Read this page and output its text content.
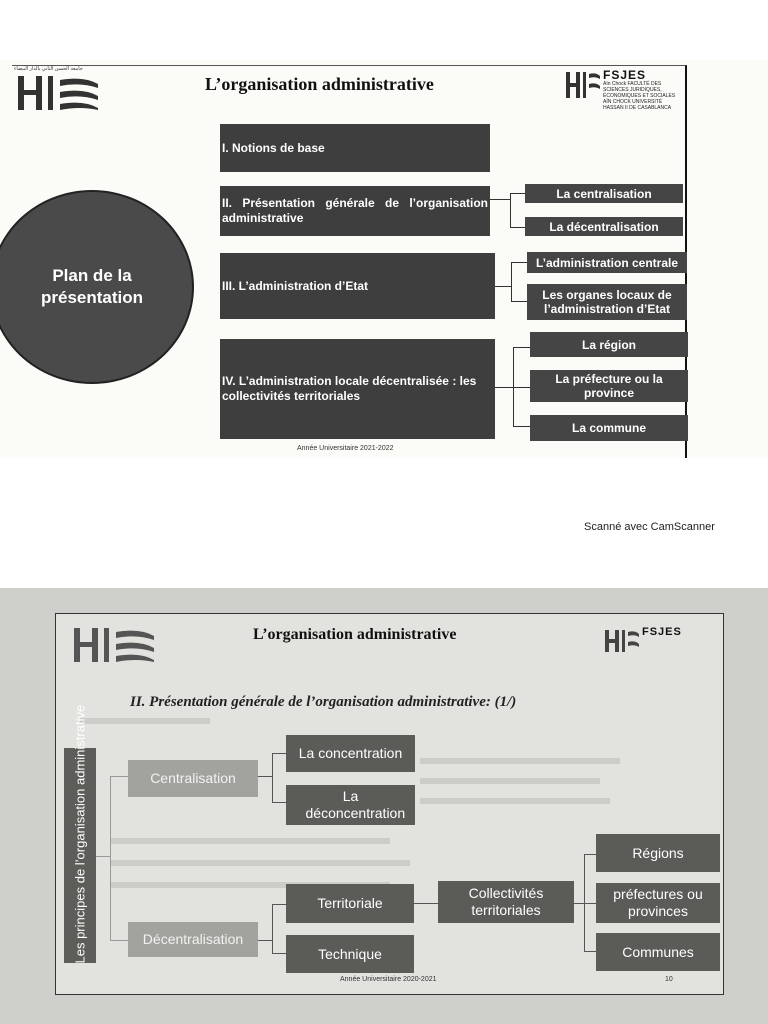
جامعة الحسن الثاني بالدار البيضاء
L’organisation administrative	FSJES
Aïn Chock FACULTÉ DES SCIENCES JURIDIQUES, ÉCONOMIQUES ET SOCIALES AÏN CHOCK UNIVERSITÉ HASSAN II DE CASABLANCA
Plan de la présentation
I. Notions de base
II. Présentation générale de l’organisation administrative
III. L’administration d’Etat
IV. L’administration locale décentralisée : les collectivités territoriales
La centralisation
La décentralisation
L’administration centrale
Les organes locaux de l’administration d’Etat
La région
La préfecture ou la province
La commune
Année Universitaire 2021-2022
Scanné avec CamScanner
L’organisation administrative	FSJES
II. Présentation générale de l’organisation administrative: (1/)
Les principes de l’organisation administrative	Centralisation
Décentralisation
La concentration
La déconcentration
Territoriale
Technique
Collectivités territoriales
Régions
préfectures ou provinces
Communes
Année Universitaire 2020-2021	10
